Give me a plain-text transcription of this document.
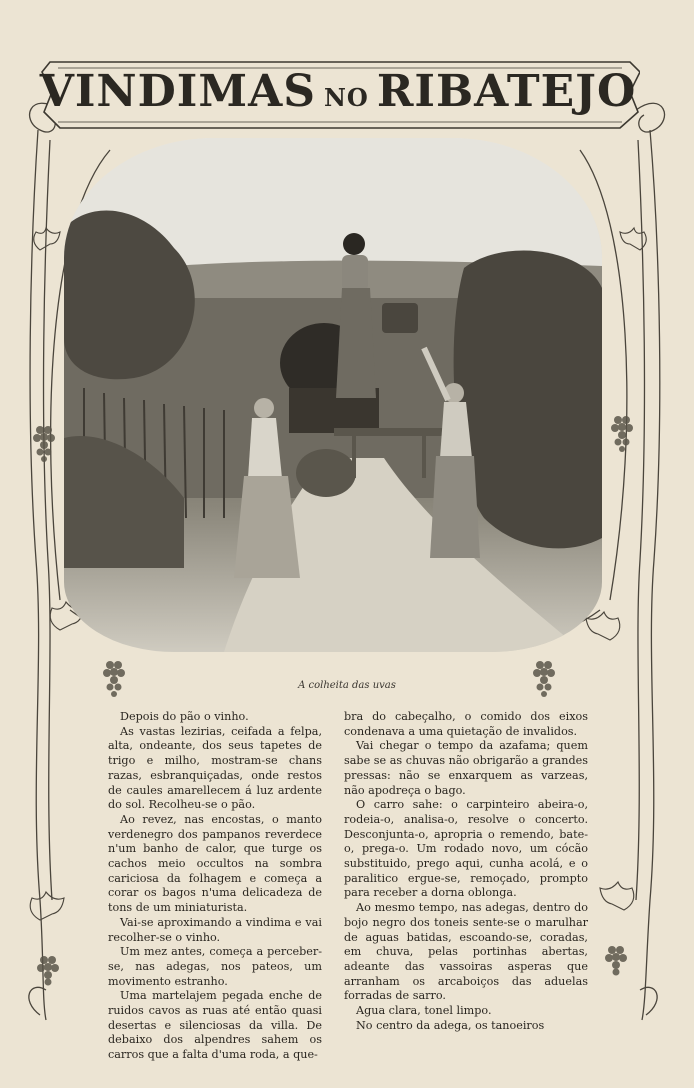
VINDIMAS NO RIBATEJO
A colheita das uvas

Depois do pão o vinho.

As vastas lezirias, ceifada a felpa, alta, ondeante, dos seus tapetes de trigo e milho, mostram-se chans razas, esbranquiçadas, onde restos de caules amarellecem á luz ardente do sol. Recolheu-se o pão.

Ao revez, nas encostas, o manto verdenegro dos pampanos reverdece n'um banho de calor, que turge os cachos meio occultos na sombra cariciosa da folhagem e começa a corar os bagos n'uma delicadeza de tons de um miniaturista.

Vai-se aproximando a vindima e vai recolher-se o vinho.

Um mez antes, começa a perceber-se, nas adegas, nos pateos, um movimento estranho.

Uma martelajem pegada enche de ruidos cavos as ruas até então quasi desertas e silenciosas da villa. De debaixo dos alpendres sahem os carros que a falta d'uma roda, a que-

bra do cabeçalho, o comido dos eixos condenava a uma quietação de invalidos.

Vai chegar o tempo da azafama; quem sabe se as chuvas não obrigarão a grandes pressas: não se enxarquem as varzeas, não apodreça o bago.

O carro sahe: o carpinteiro abeira-o, rodeia-o, analisa-o, resolve o concerto. Desconjunta-o, apropria o remendo, bate-o, prega-o. Um rodado novo, um cócão substituido, prego aqui, cunha acolá, e o paralitico ergue-se, remoçado, prompto para receber a dorna oblonga.

Ao mesmo tempo, nas adegas, dentro do bojo negro dos toneis sente-se o marulhar de aguas batidas, escoando-se, coradas, em chuva, pelas portinhas abertas, adeante das vassoiras asperas que arranham os arcaboiços das aduelas forradas de sarro.

Agua clara, tonel limpo.

No centro da adega, os tanoeiros
